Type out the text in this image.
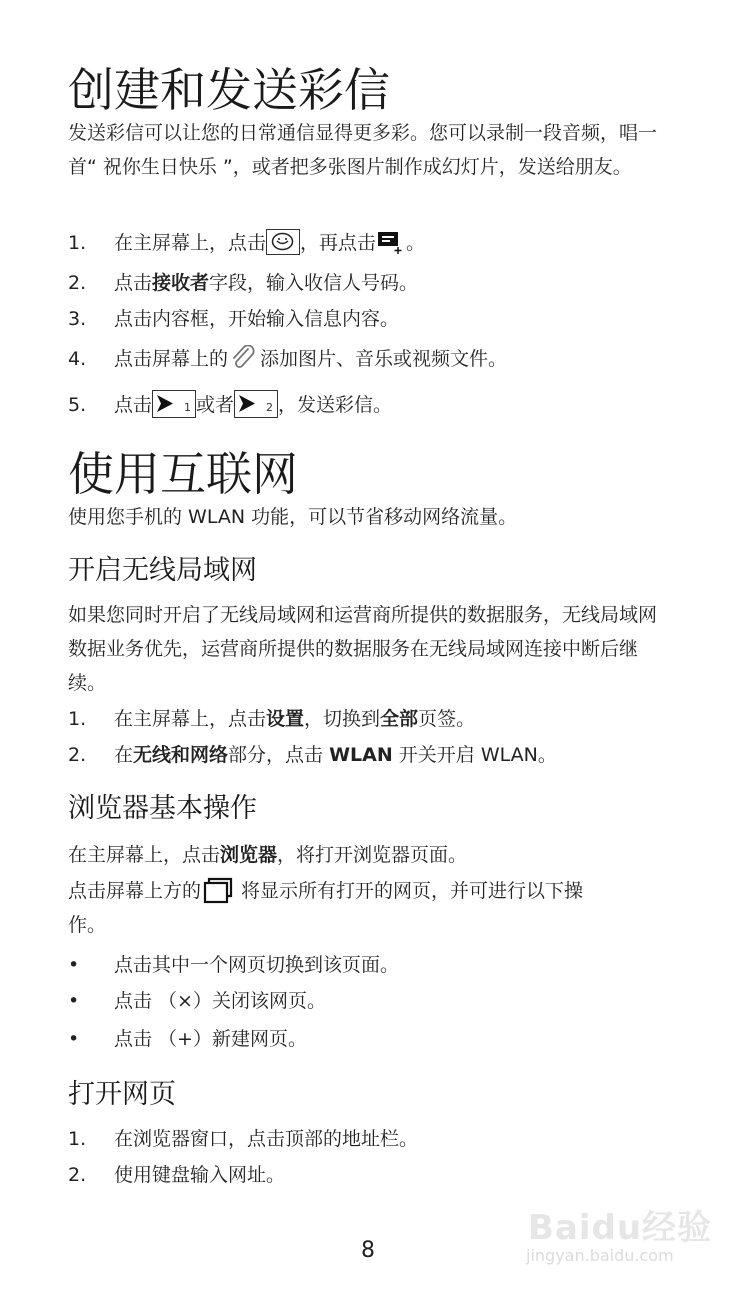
创建和发送彩信

发送彩信可以让您的日常通信显得更多彩。您可以录制一段音频，唱一首“ 祝你生日快乐 ”，或者把多张图片制作成幻灯片，发送给朋友。

1. 在主屏幕上，点击 ，再点击 。
2. 点击接收者字段，输入收信人号码。
3. 点击内容框，开始输入信息内容。
4. 点击屏幕上的 添加图片、音乐或视频文件。
5. 点击	1 或者	2 ，发送彩信。
使用互联网
使用您手机的 WLAN 功能，可以节省移动网络流量。
开启无线局域网

如果您同时开启了无线局域网和运营商所提供的数据服务，无线局域网数据业务优先，运营商所提供的数据服务在无线局域网连接中断后继续。

1. 在主屏幕上，点击设置，切换到全部页签。
2. 在无线和网络部分，点击 WLAN 开关开启 WLAN。
浏览器基本操作
在主屏幕上，点击浏览器，将打开浏览器页面。
点击屏幕上方的 将显示所有打开的网页，并可进行以下操
作。
• 点击其中一个网页切换到该页面。
• 点击 （×）关闭该网页。
• 点击 （+）新建网页。
打开网页
1. 在浏览器窗口，点击顶部的地址栏。
2. 使用键盘输入网址。
8
Baidu经验
jingyan.baidu.com
